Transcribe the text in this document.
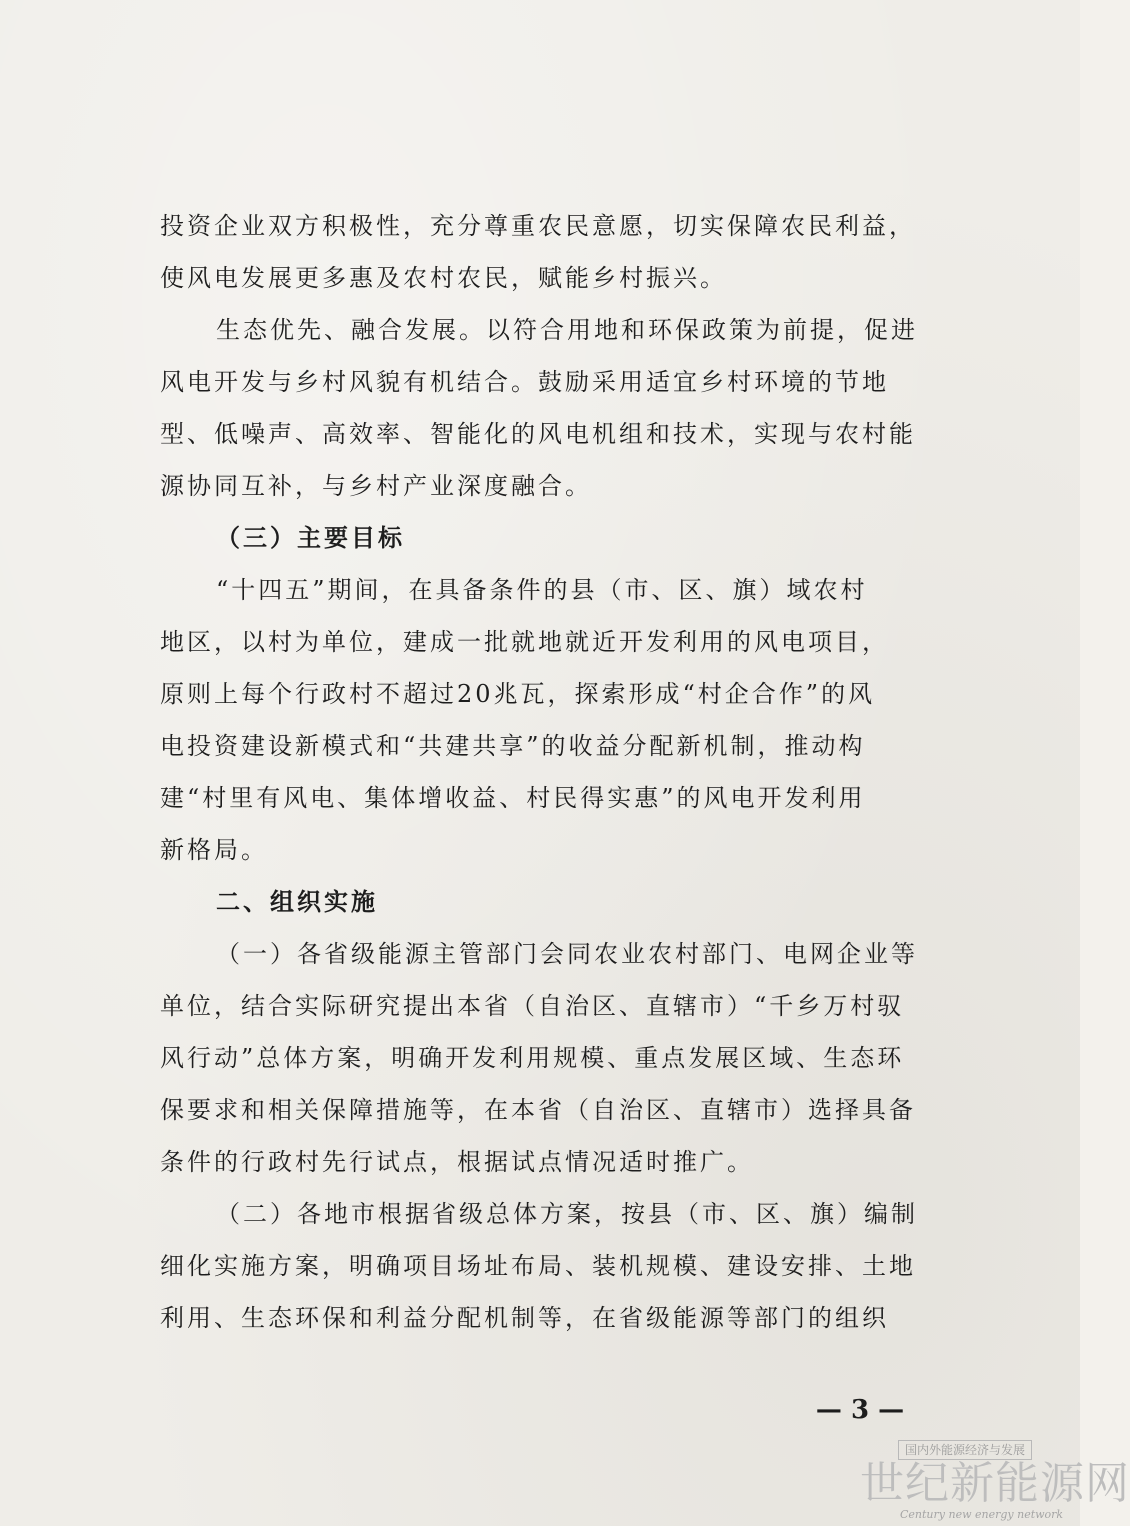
投资企业双方积极性，充分尊重农民意愿，切实保障农民利益，
使风电发展更多惠及农村农民，赋能乡村振兴。
生态优先、融合发展。以符合用地和环保政策为前提，促进
风电开发与乡村风貌有机结合。鼓励采用适宜乡村环境的节地
型、低噪声、高效率、智能化的风电机组和技术，实现与农村能
源协同互补，与乡村产业深度融合。
（三）主要目标
“十四五”期间，在具备条件的县（市、区、旗）域农村
地区，以村为单位，建成一批就地就近开发利用的风电项目，
原则上每个行政村不超过20兆瓦，探索形成“村企合作”的风
电投资建设新模式和“共建共享”的收益分配新机制，推动构
建“村里有风电、集体增收益、村民得实惠”的风电开发利用
新格局。
二、组织实施
（一）各省级能源主管部门会同农业农村部门、电网企业等
单位，结合实际研究提出本省（自治区、直辖市）“千乡万村驭
风行动”总体方案，明确开发利用规模、重点发展区域、生态环
保要求和相关保障措施等，在本省（自治区、直辖市）选择具备
条件的行政村先行试点，根据试点情况适时推广。
（二）各地市根据省级总体方案，按县（市、区、旗）编制
细化实施方案，明确项目场址布局、装机规模、建设安排、土地
利用、生态环保和利益分配机制等，在省级能源等部门的组织
— 3 —
国内外能源经济与发展
世纪新能源网
Century new energy network
